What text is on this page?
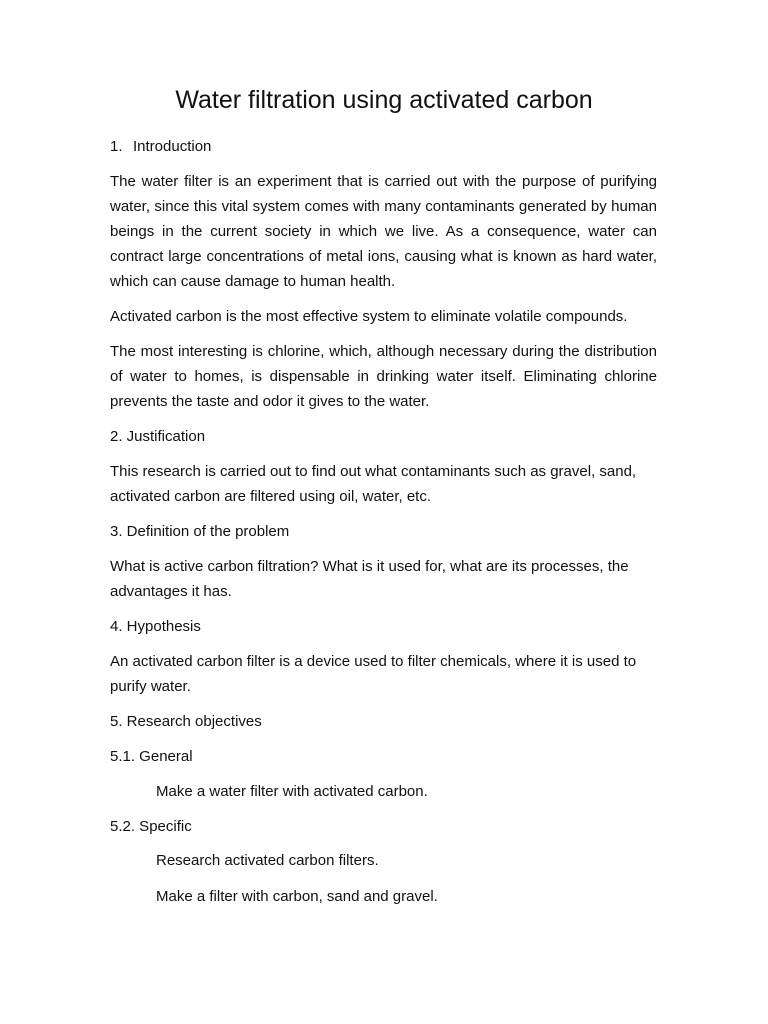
Water filtration using activated carbon

1. Introduction

The water filter is an experiment that is carried out with the purpose of purifying water, since this vital system comes with many contaminants generated by human beings in the current society in which we live. As a consequence, water can contract large concentrations of metal ions, causing what is known as hard water, which can cause damage to human health.

Activated carbon is the most effective system to eliminate volatile compounds.

The most interesting is chlorine, which, although necessary during the distribution of water to homes, is dispensable in drinking water itself. Eliminating chlorine prevents the taste and odor it gives to the water.

2. Justification

This research is carried out to find out what contaminants such as gravel, sand, activated carbon are filtered using oil, water, etc.

3. Definition of the problem

What is active carbon filtration? What is it used for, what are its processes, the advantages it has.

4. Hypothesis

An activated carbon filter is a device used to filter chemicals, where it is used to purify water.

5. Research objectives

5.1. General

Make a water filter with activated carbon.

5.2. Specific

Research activated carbon filters.

Make a filter with carbon, sand and gravel.
